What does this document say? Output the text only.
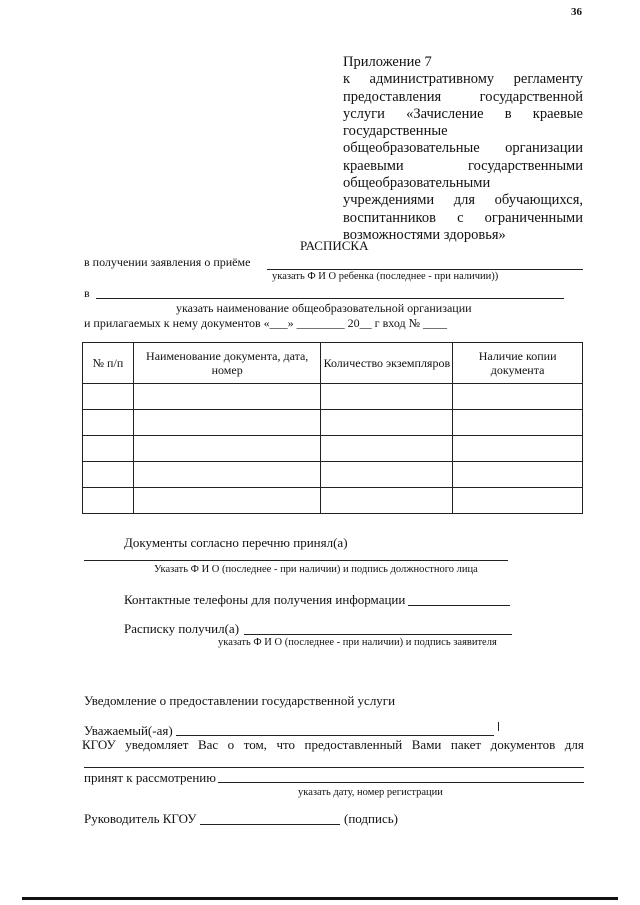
36
Приложение 7
к административному регламенту предоставления государственной услуги «Зачисление в краевые государственные общеобразовательные организации краевыми государственными общеобразовательными учреждениями для обучающихся, воспитанников с ограниченными возможностями здоровья»
РАСПИСКА
в получении заявления о приёме
указать Ф И О ребенка (последнее - при наличии))
в
указать наименование общеобразовательной организации
и прилагаемых к нему документов «___» ________ 20__ г вход № ____
№ п/п	Наименование документа, дата, номер	Количество экземпляров	Наличие копии документа

Документы согласно перечню принял(а)
Указать Ф И О (последнее - при наличии) и подпись должностного лица
Контактные телефоны для получения информации
Расписку получил(а)
указать Ф И О (последнее - при наличии) и подпись заявителя
Уведомление о предоставлении государственной услуги
Уважаемый(-ая)
КГОУ уведомляет Вас о том, что предоставленный Вами пакет документов для
принят к рассмотрению
указать дату, номер регистрации
Руководитель КГОУ	(подпись)
